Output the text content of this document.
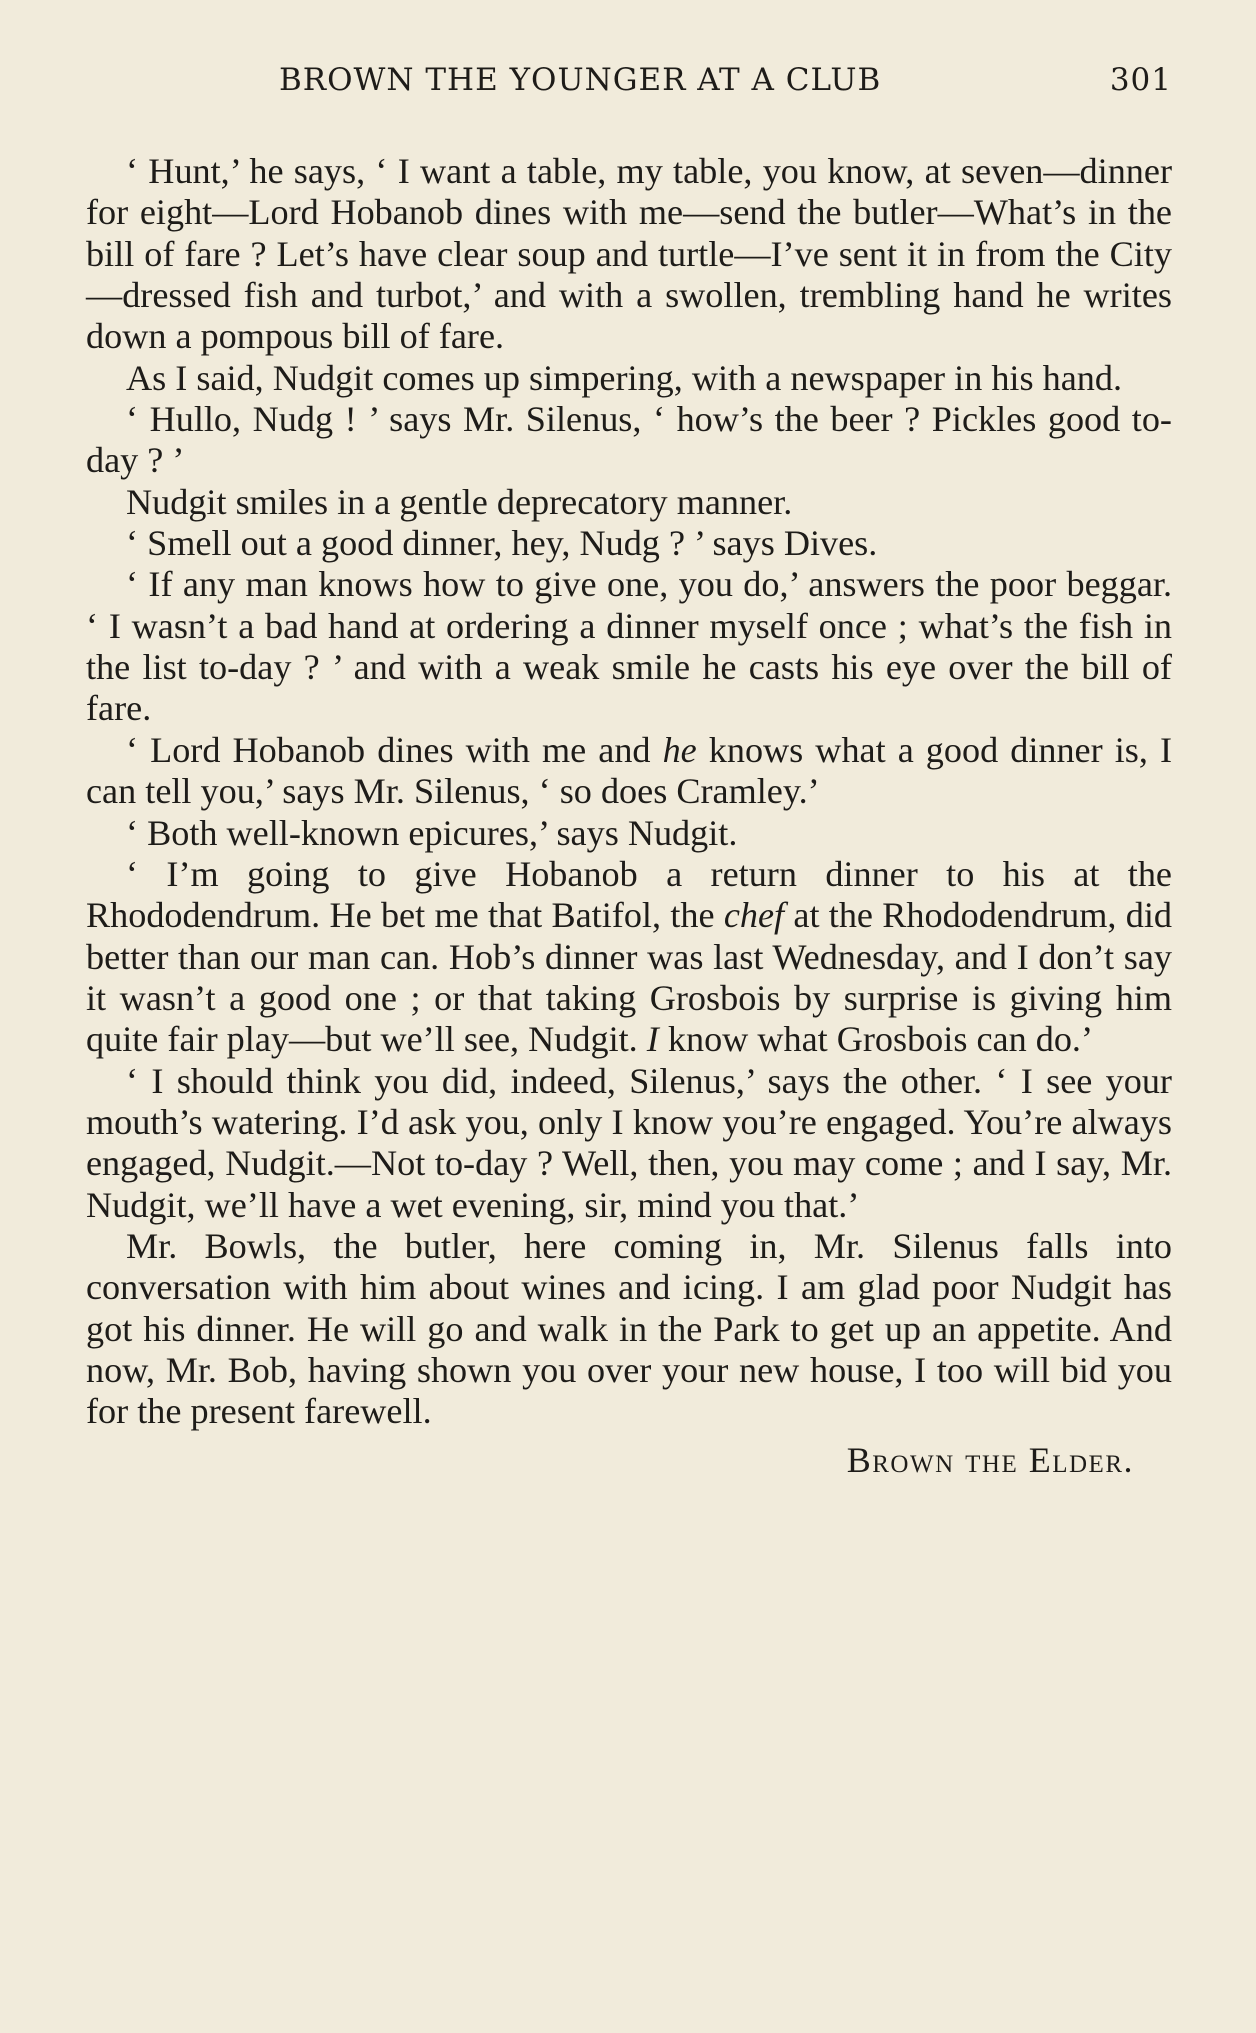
BROWN THE YOUNGER AT A CLUB	301

‘ Hunt,’ he says, ‘ I want a table, my table, you know, at seven—dinner for eight—Lord Hobanob dines with me—send the butler—What’s in the bill of fare ? Let’s have clear soup and turtle—I’ve sent it in from the City—dressed fish and turbot,’ and with a swollen, trembling hand he writes down a pompous bill of fare.

As I said, Nudgit comes up simpering, with a newspaper in his hand.

‘ Hullo, Nudg ! ’ says Mr. Silenus, ‘ how’s the beer ? Pickles good to-day ? ’

Nudgit smiles in a gentle deprecatory manner.

‘ Smell out a good dinner, hey, Nudg ? ’ says Dives.

‘ If any man knows how to give one, you do,’ answers the poor beggar. ‘ I wasn’t a bad hand at ordering a dinner myself once ; what’s the fish in the list to-day ? ’ and with a weak smile he casts his eye over the bill of fare.

‘ Lord Hobanob dines with me and he knows what a good dinner is, I can tell you,’ says Mr. Silenus, ‘ so does Cramley.’

‘ Both well-known epicures,’ says Nudgit.

‘ I’m going to give Hobanob a return dinner to his at the Rhododendrum. He bet me that Batifol, the chef at the Rhododendrum, did better than our man can. Hob’s dinner was last Wednesday, and I don’t say it wasn’t a good one ; or that taking Grosbois by surprise is giving him quite fair play—but we’ll see, Nudgit. I know what Grosbois can do.’

‘ I should think you did, indeed, Silenus,’ says the other. ‘ I see your mouth’s watering. I’d ask you, only I know you’re engaged. You’re always engaged, Nudgit.—Not to-day ? Well, then, you may come ; and I say, Mr. Nudgit, we’ll have a wet evening, sir, mind you that.’

Mr. Bowls, the butler, here coming in, Mr. Silenus falls into conversation with him about wines and icing. I am glad poor Nudgit has got his dinner. He will go and walk in the Park to get up an appetite. And now, Mr. Bob, having shown you over your new house, I too will bid you for the present farewell.

Brown the Elder.
